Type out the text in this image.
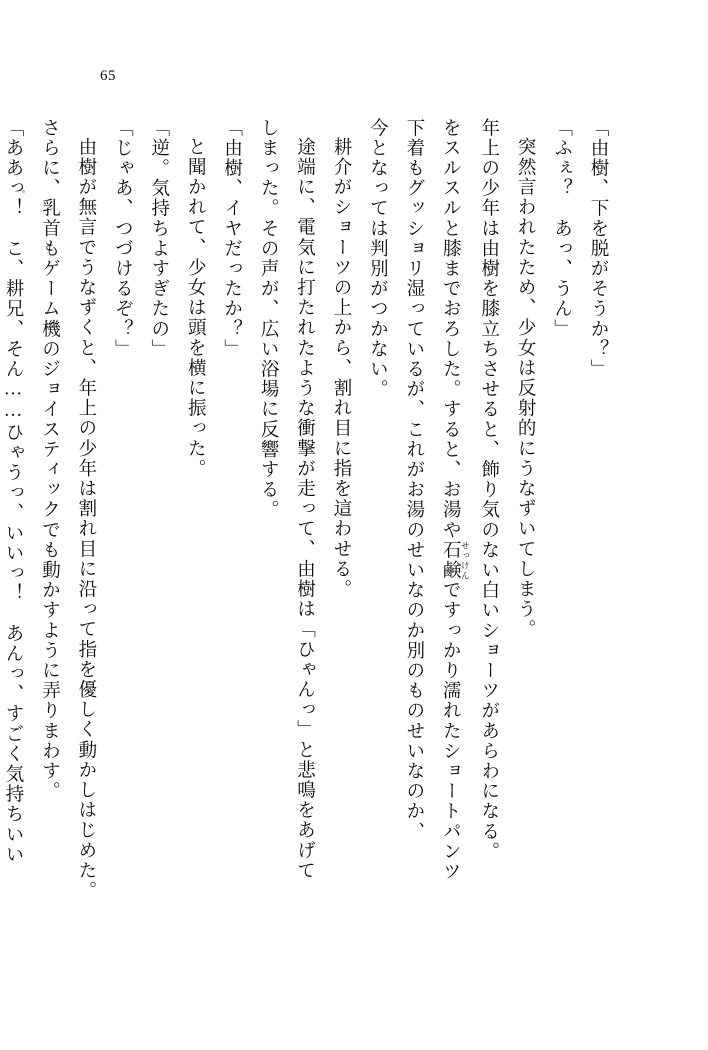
65

「由樹、下を脱がそうか？」

「ふぇ？　あっ、うん」

突然言われたため、少女は反射的にうなずいてしまう。

年上の少年は由樹を膝立ちさせると、飾り気のない白いショーツがあらわになる。

をスルスルと膝までおろした。すると、お湯や石鹸 せっけんですっかり濡れたショートパンツ

下着もグッショリ湿っているが、これがお湯のせいなのか別のものせいなのか、

今となっては判別がつかない。

耕介がショーツの上から、割れ目に指を這わせる。

途端に、電気に打たれたような衝撃が走って、由樹は「ひゃんっ」と悲鳴をあげて

しまった。その声が、広い浴場に反響する。

「由樹、イヤだったか？」

と聞かれて、少女は頭を横に振った。

「逆。気持ちよすぎたの」

「じゃあ、つづけるぞ？」

由樹が無言でうなずくと、年上の少年は割れ目に沿って指を優しく動かしはじめた。

さらに、乳首もゲーム機のジョイスティックでも動かすように弄りまわす。

「ああっ！　こ、耕兄、そん……ひゃうっ、いいっ！　あんっ、すごく気持ちいい
